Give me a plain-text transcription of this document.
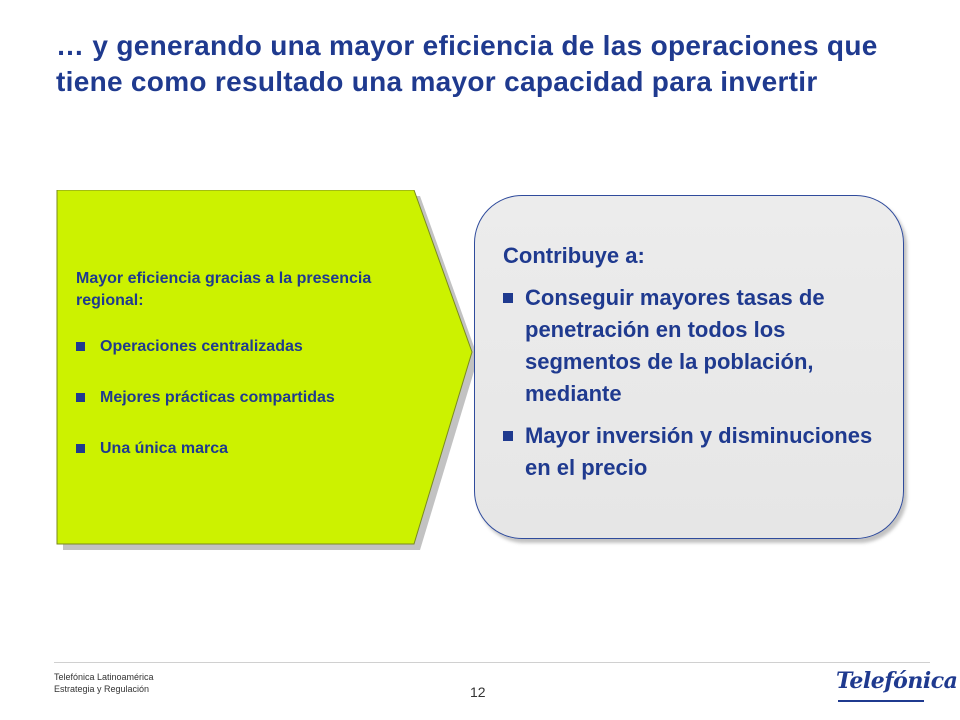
… y generando una mayor eficiencia de las operaciones que tiene como resultado una mayor capacidad para invertir

Mayor eficiencia gracias a la presencia regional:

Operaciones centralizadas
Mejores prácticas compartidas
Una única marca

Contribuye a:

Conseguir mayores tasas de penetración en todos los segmentos de la población, mediante
Mayor inversión y disminuciones en el precio
Telefónica Latinoamérica
Estrategia y Regulación	12	Telefónica
